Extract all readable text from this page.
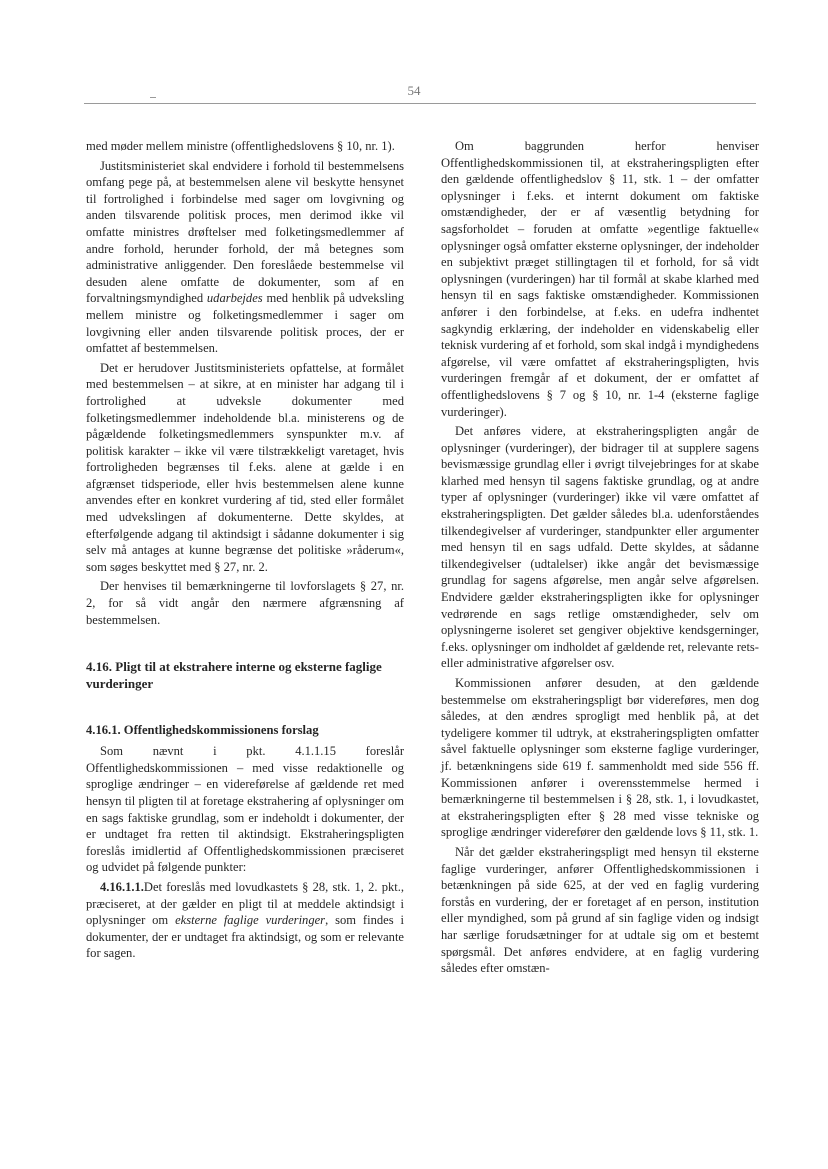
54

med møder mellem ministre (offentlighedslovens § 10, nr. 1).

Justitsministeriet skal endvidere i forhold til bestemmelsens omfang pege på, at bestemmelsen alene vil beskytte hensynet til fortrolighed i forbindelse med sager om lovgivning og anden tilsvarende politisk proces, men derimod ikke vil omfatte ministres drøftelser med folketingsmedlemmer af andre forhold, herunder forhold, der må betegnes som administrative anliggender. Den foreslåede bestemmelse vil desuden alene omfatte de dokumenter, som af en forvaltningsmyndighed udarbejdes med henblik på udveksling mellem ministre og folketingsmedlemmer i sager om lovgivning eller anden tilsvarende politisk proces, der er omfattet af bestemmelsen.

Det er herudover Justitsministeriets opfattelse, at formålet med bestemmelsen – at sikre, at en minister har adgang til i fortrolighed at udveksle dokumenter med folketingsmedlemmer indeholdende bl.a. ministerens og de pågældende folketingsmedlemmers synspunkter m.v. af politisk karakter – ikke vil være tilstrækkeligt varetaget, hvis fortroligheden begrænses til f.eks. alene at gælde i en afgrænset tidsperiode, eller hvis bestemmelsen alene kunne anvendes efter en konkret vurdering af tid, sted eller formålet med udvekslingen af dokumenterne. Dette skyldes, at efterfølgende adgang til aktindsigt i sådanne dokumenter i sig selv må antages at kunne begrænse det politiske »råderum«, som søges beskyttet med § 27, nr. 2.

Der henvises til bemærkningerne til lovforslagets § 27, nr. 2, for så vidt angår den nærmere afgrænsning af bestemmelsen.

4.16. Pligt til at ekstrahere interne og eksterne faglige vurderinger
4.16.1. Offentlighedskommissionens forslag

Som nævnt i pkt. 4.1.1.15 foreslår Offentlighedskommissionen – med visse redaktionelle og sproglige ændringer – en videreførelse af gældende ret med hensyn til pligten til at foretage ekstrahering af oplysninger om en sags faktiske grundlag, som er indeholdt i dokumenter, der er undtaget fra retten til aktindsigt. Ekstraheringspligten foreslås imidlertid af Offentlighedskommissionen præciseret og udvidet på følgende punkter:

4.16.1.1.Det foreslås med lovudkastets § 28, stk. 1, 2. pkt., præciseret, at der gælder en pligt til at meddele aktindsigt i oplysninger om eksterne faglige vurderinger, som findes i dokumenter, der er undtaget fra aktindsigt, og som er relevante for sagen.

Om baggrunden herfor henviser Offentlighedskommissionen til, at ekstraheringspligten efter den gældende offentlighedslov § 11, stk. 1 – der omfatter oplysninger i f.eks. et internt dokument om faktiske omstændigheder, der er af væsentlig betydning for sagsforholdet – foruden at omfatte »egentlige faktuelle« oplysninger også omfatter eksterne oplysninger, der indeholder en subjektivt præget stillingtagen til et forhold, for så vidt oplysningen (vurderingen) har til formål at skabe klarhed med hensyn til en sags faktiske omstændigheder. Kommissionen anfører i den forbindelse, at f.eks. en udefra indhentet sagkyndig erklæring, der indeholder en videnskabelig eller teknisk vurdering af et forhold, som skal indgå i myndighedens afgørelse, vil være omfattet af ekstraheringspligten, hvis vurderingen fremgår af et dokument, der er omfattet af offentlighedslovens § 7 og § 10, nr. 1-4 (eksterne faglige vurderinger).

Det anføres videre, at ekstraheringspligten angår de oplysninger (vurderinger), der bidrager til at supplere sagens bevismæssige grundlag eller i øvrigt tilvejebringes for at skabe klarhed med hensyn til sagens faktiske grundlag, og at andre typer af oplysninger (vurderinger) ikke vil være omfattet af ekstraheringspligten. Det gælder således bl.a. udenforståendes tilkendegivelser af vurderinger, standpunkter eller argumenter med hensyn til en sags udfald. Dette skyldes, at sådanne tilkendegivelser (udtalelser) ikke angår det bevismæssige grundlag for sagens afgørelse, men angår selve afgørelsen. Endvidere gælder ekstraheringspligten ikke for oplysninger vedrørende en sags retlige omstændigheder, selv om oplysningerne isoleret set gengiver objektive kendsgerninger, f.eks. oplysninger om indholdet af gældende ret, relevante rets- eller administrative afgørelser osv.

Kommissionen anfører desuden, at den gældende bestemmelse om ekstraheringspligt bør videreføres, men dog således, at den ændres sprogligt med henblik på, at det tydeligere kommer til udtryk, at ekstraheringspligten omfatter såvel faktuelle oplysninger som eksterne faglige vurderinger, jf. betænkningens side 619 f. sammenholdt med side 556 ff. Kommissionen anfører i overensstemmelse hermed i bemærkningerne til bestemmelsen i § 28, stk. 1, i lovudkastet, at ekstraheringspligten efter § 28 med visse tekniske og sproglige ændringer viderefører den gældende lovs § 11, stk. 1.

Når det gælder ekstraheringspligt med hensyn til eksterne faglige vurderinger, anfører Offentlighedskommissionen i betænkningen på side 625, at der ved en faglig vurdering forstås en vurdering, der er foretaget af en person, institution eller myndighed, som på grund af sin faglige viden og indsigt har særlige forudsætninger for at udtale sig om et bestemt spørgsmål. Det anføres endvidere, at en faglig vurdering således efter omstæn-
